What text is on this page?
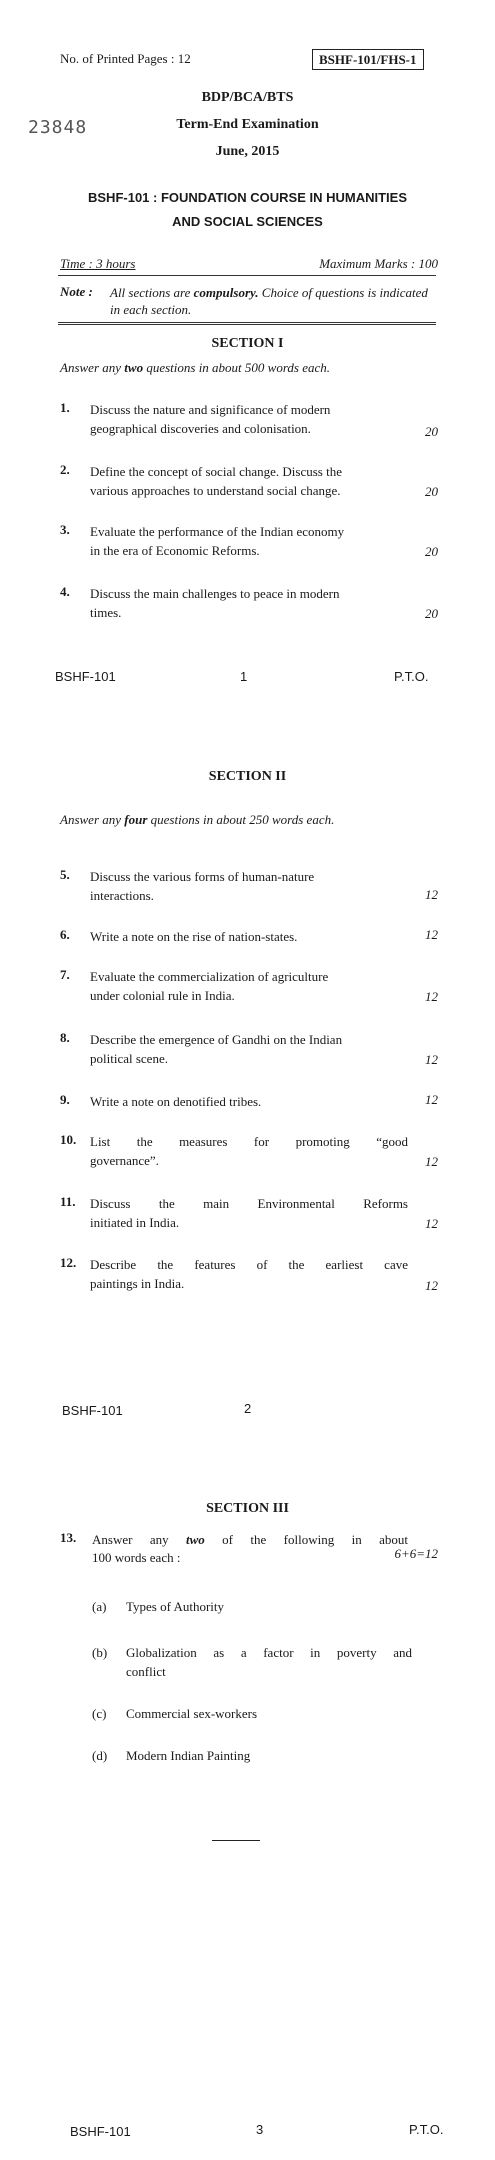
No. of Printed Pages : 12	BSHF-101/FHS-1
BDP/BCA/BTS
23848	Term-End Examination
June, 2015
BSHF-101 : FOUNDATION COURSE IN HUMANITIES
AND SOCIAL SCIENCES
Time : 3 hours	Maximum Marks : 100
Note : All sections are compulsory. Choice of questions is indicated in each section.
SECTION I
Answer any two questions in about 500 words each.
1.	Discuss the nature and significance of modern
geographical discoveries and colonisation.	20
2.	Define the concept of social change. Discuss the
various approaches to understand social change.	20
3.	Evaluate the performance of the Indian economy
in the era of Economic Reforms.	20
4.	Discuss the main challenges to peace in modern
times.	20
BSHF-101	1	P.T.O.
SECTION II
Answer any four questions in about 250 words each.
5.	Discuss the various forms of human-nature
interactions.	12
6.	Write a note on the rise of nation-states.	12
7.	Evaluate the commercialization of agriculture
under colonial rule in India.	12
8.	Describe the emergence of Gandhi on the Indian
political scene.	12
9.	Write a note on denotified tribes.	12
10.	List the measures for promoting “good
governance”.	12
11.	Discuss the main Environmental Reforms
initiated in India.	12
12.	Describe the features of the earliest cave
paintings in India.	12
BSHF-101	2
SECTION III
13.	Answer any two of the following in about
100 words each :	6+6=12
(a) Types of Authority
(b) Globalization as a factor in poverty and
conflict
(c) Commercial sex-workers
(d) Modern Indian Painting
BSHF-101	3	P.T.O.
